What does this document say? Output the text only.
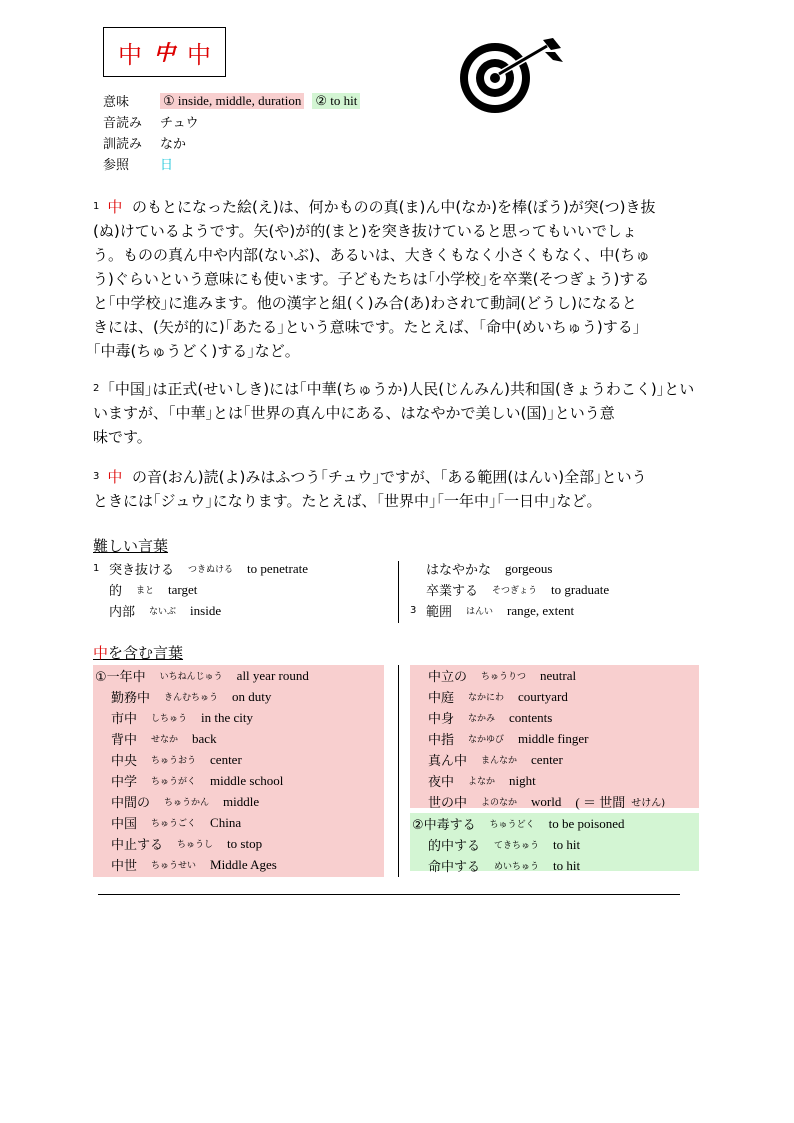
中 中 中
意味	① inside, middle, duration ② to hit
音読み	チュウ
訓読み	なか
参照	日
$^1$ 中 のもとになった絵(え)は、何かものの真(ま)ん中(なか)を棒(ぼう)が突(つ)き抜
(ぬ)けているようです。矢(や)が的(まと)を突き抜けていると思ってもいいでしょ
う。ものの真ん中や内部(ないぶ)、あるいは、大きくもなく小さくもなく、中(ちゅ
う)ぐらいという意味にも使います。子どもたちは｢小学校｣を卒業(そつぎょう)する
と｢中学校｣に進みます。他の漢字と組(く)み合(あ)わされて動詞(どうし)になると
きには、(矢が的に)｢あたる｣という意味です。たとえば、｢命中(めいちゅう)する｣
｢中毒(ちゅうどく)する｣など。
$^2$ ｢中国｣は正式(せいしき)には｢中華(ちゅうか)人民(じんみん)共和国(きょうわこく)｣とい
いますが、｢中華｣とは｢世界の真ん中にある、はなやかで美しい(国)｣という意
味です。
$^3$ 中 の音(おん)読(よ)みはふつう｢チュウ｣ですが、｢ある範囲(はんい)全部｣という
ときには｢ジュウ｣になります。たとえば、｢世界中｣｢一年中｣｢一日中｣など。
難しい言葉
1 突き抜ける つきぬける to penetrate
的 まと target
内部 ないぶ inside
はなやかな gorgeous
卒業する そつぎょう to graduate
3 範囲 はんい range, extent
中を含む言葉
①一年中 いちねんじゅう all year round
勤務中 きんむちゅう on duty
市中 しちゅう in the city
背中 せなか back
中央 ちゅうおう center
中学 ちゅうがく middle school
中間の ちゅうかん middle
中国 ちゅうごく China
中止する ちゅうし to stop
中世 ちゅうせい Middle Ages
中立の ちゅうりつ neutral
中庭 なかにわ courtyard
中身 なかみ contents
中指 なかゆび middle finger
真ん中 まんなか center
夜中 よなか night
世の中 よのなか world ( ＝ 世間 せけん)
②中毒する ちゅうどく to be poisoned
的中する てきちゅう to hit
命中する めいちゅう to hit
